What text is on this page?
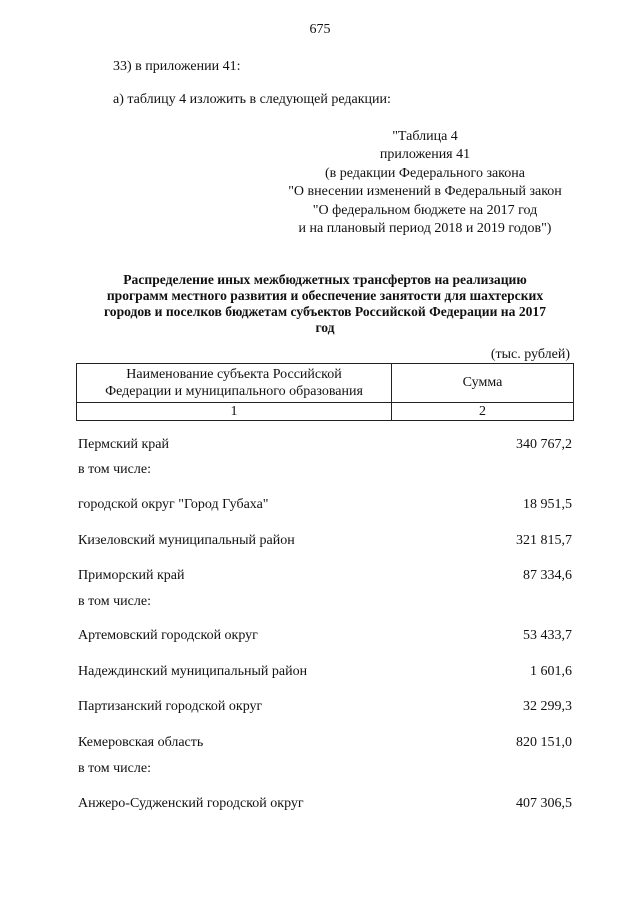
675
33) в приложении 41:
а) таблицу 4 изложить в следующей редакции:
"Таблица 4
приложения 41
(в редакции Федерального закона
"О внесении изменений в Федеральный закон
"О федеральном бюджете на 2017 год
и на плановый период 2018 и 2019 годов")
Распределение иных межбюджетных трансфертов на реализацию
программ местного развития и обеспечение занятости для шахтерских
городов и поселков бюджетам субъектов Российской Федерации на 2017
год
(тыс. рублей)
Наименование субъекта Российской
Федерации и муниципального образования	Сумма
1	2
Пермский край	340 767,2
в том числе:
городской округ "Город Губаха"	18 951,5
Кизеловский муниципальный район	321 815,7
Приморский край	87 334,6
в том числе:
Артемовский городской округ	53 433,7
Надеждинский муниципальный район	1 601,6
Партизанский городской округ	32 299,3
Кемеровская область	820 151,0
в том числе:
Анжеро-Судженский городской округ	407 306,5
